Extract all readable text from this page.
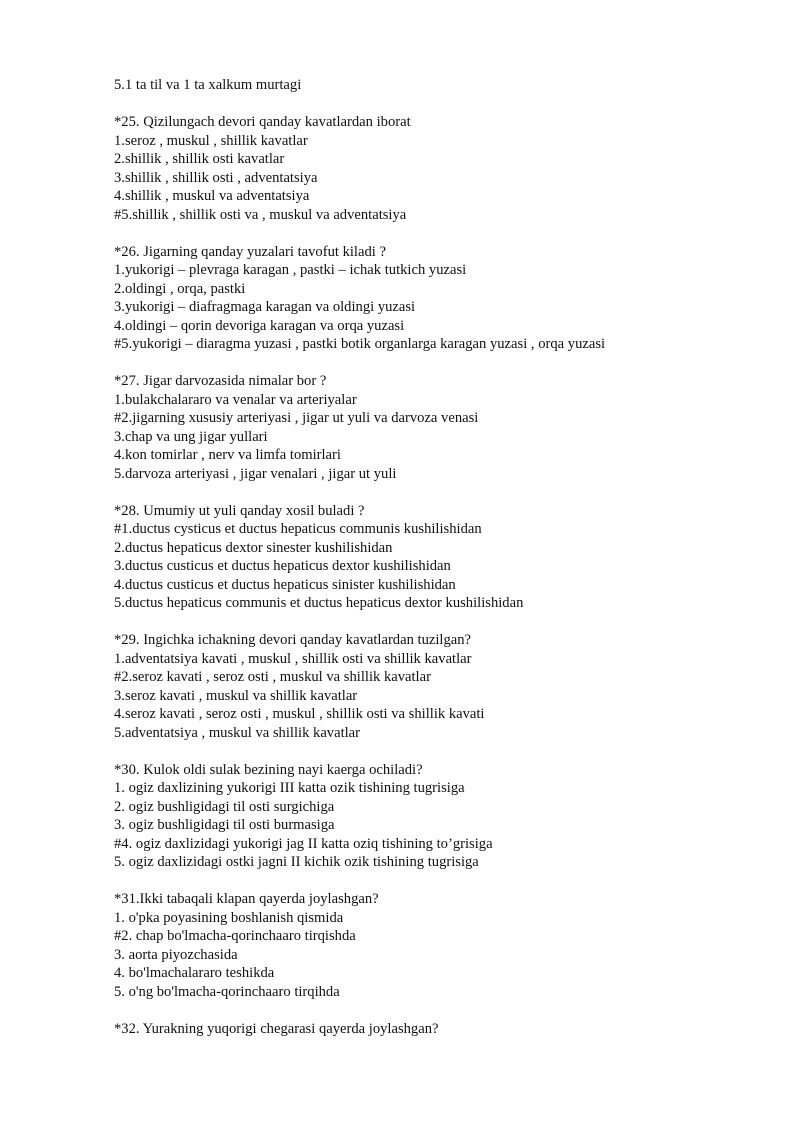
5.1 ta til va 1 ta xalkum murtagi
*25. Qizilungach devori qanday kavatlardan iborat
1.seroz , muskul , shillik kavatlar
2.shillik , shillik osti kavatlar
3.shillik , shillik osti , adventatsiya
4.shillik , muskul va adventatsiya
#5.shillik , shillik osti va , muskul va adventatsiya
*26. Jigarning qanday yuzalari tavofut kiladi ?
1.yukorigi – plevraga karagan , pastki – ichak tutkich yuzasi
2.oldingi , orqa, pastki
3.yukorigi – diafragmaga karagan va oldingi yuzasi
4.oldingi – qorin devoriga karagan va orqa yuzasi
#5.yukorigi – diaragma yuzasi , pastki botik organlarga karagan yuzasi , orqa yuzasi
*27. Jigar darvozasida nimalar bor ?
1.bulakchalararo va venalar va arteriyalar
#2.jigarning xususiy arteriyasi , jigar ut yuli va darvoza venasi
3.chap va ung jigar yullari
4.kon tomirlar , nerv va limfa tomirlari
5.darvoza arteriyasi , jigar venalari , jigar ut yuli
*28. Umumiy ut yuli qanday xosil buladi ?
#1.ductus cysticus et ductus hepaticus communis kushilishidan
2.ductus hepaticus dextor sinester kushilishidan
3.ductus custicus et ductus hepaticus dextor kushilishidan
4.ductus custicus et ductus hepaticus sinister kushilishidan
5.ductus hepaticus communis et ductus hepaticus dextor kushilishidan
*29. Ingichka ichakning devori qanday kavatlardan tuzilgan?
1.adventatsiya kavati , muskul , shillik osti va shillik kavatlar
#2.seroz kavati , seroz osti , muskul va shillik kavatlar
3.seroz kavati , muskul va shillik kavatlar
4.seroz kavati , seroz osti , muskul , shillik osti va shillik kavati
5.adventatsiya , muskul va shillik kavatlar
*30. Kulok oldi sulak bezining nayi kaerga ochiladi?
1. ogiz daxlizining yukorigi III katta ozik tishining tugrisiga
2. ogiz bushligidagi til osti surgichiga
3. ogiz bushligidagi til osti burmasiga
#4. ogiz daxlizidagi yukorigi jag II katta oziq tishining to’grisiga
5. ogiz daxlizidagi ostki jagni II kichik ozik tishining tugrisiga
*31.Ikki tabaqali klapan qayerda joylashgan?
1. o'pka poyasining boshlanish qismida
#2. chap bo'lmacha-qorinchaaro tirqishda
3. aorta piyozchasida
4. bo'lmachalararo teshikda
5. o'ng bo'lmacha-qorinchaaro tirqihda
*32. Yurakning yuqorigi chegarasi qayerda joylashgan?
